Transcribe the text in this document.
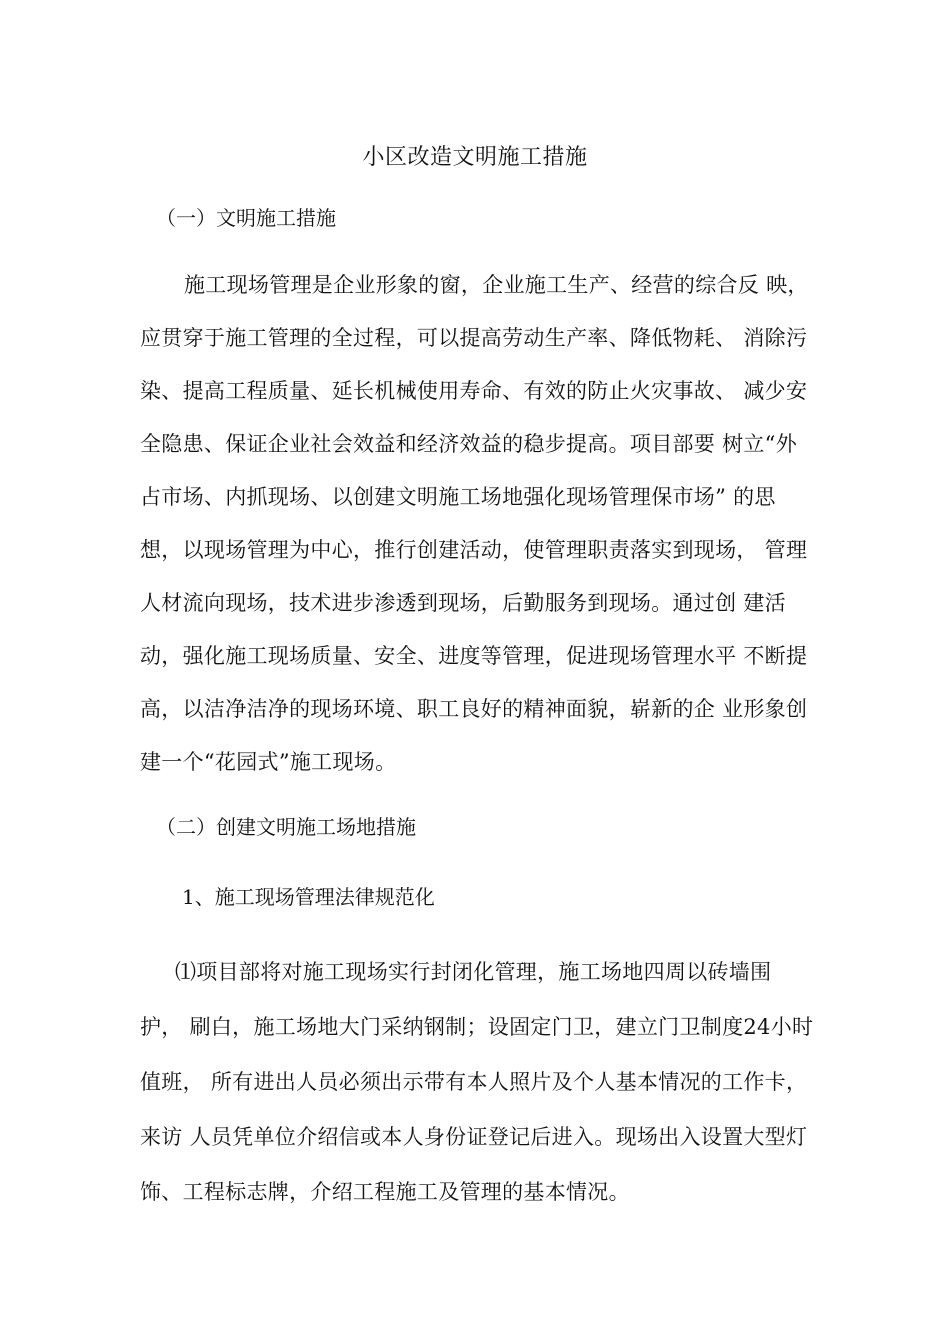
小区改造文明施工措施
（一）文明施工措施
施工现场管理是企业形象的窗，企业施工生产、经营的综合反 映，
应贯穿于施工管理的全过程，可以提高劳动生产率、降低物耗、 消除污
染、提高工程质量、延长机械使用寿命、有效的防止火灾事故、 减少安
全隐患、保证企业社会效益和经济效益的稳步提高。项目部要 树立“外
占市场、内抓现场、以创建文明施工场地强化现场管理保市场” 的思
想，以现场管理为中心，推行创建活动，使管理职责落实到现场， 管理
人材流向现场，技术进步渗透到现场，后勤服务到现场。通过创 建活
动，强化施工现场质量、安全、进度等管理，促进现场管理水平 不断提
高，以洁净洁净的现场环境、职工良好的精神面貌，崭新的企 业形象创
建一个“花园式”施工现场。
（二）创建文明施工场地措施
1、施工现场管理法律规范化
⑴项目部将对施工现场实行封闭化管理，施工场地四周以砖墙围
护， 刷白，施工场地大门采纳钢制；设固定门卫，建立门卫制度24小时
值班， 所有进出人员必须出示带有本人照片及个人基本情况的工作卡，
来访 人员凭单位介绍信或本人身份证登记后进入。现场出入设置大型灯
饰、工程标志牌，介绍工程施工及管理的基本情况。
